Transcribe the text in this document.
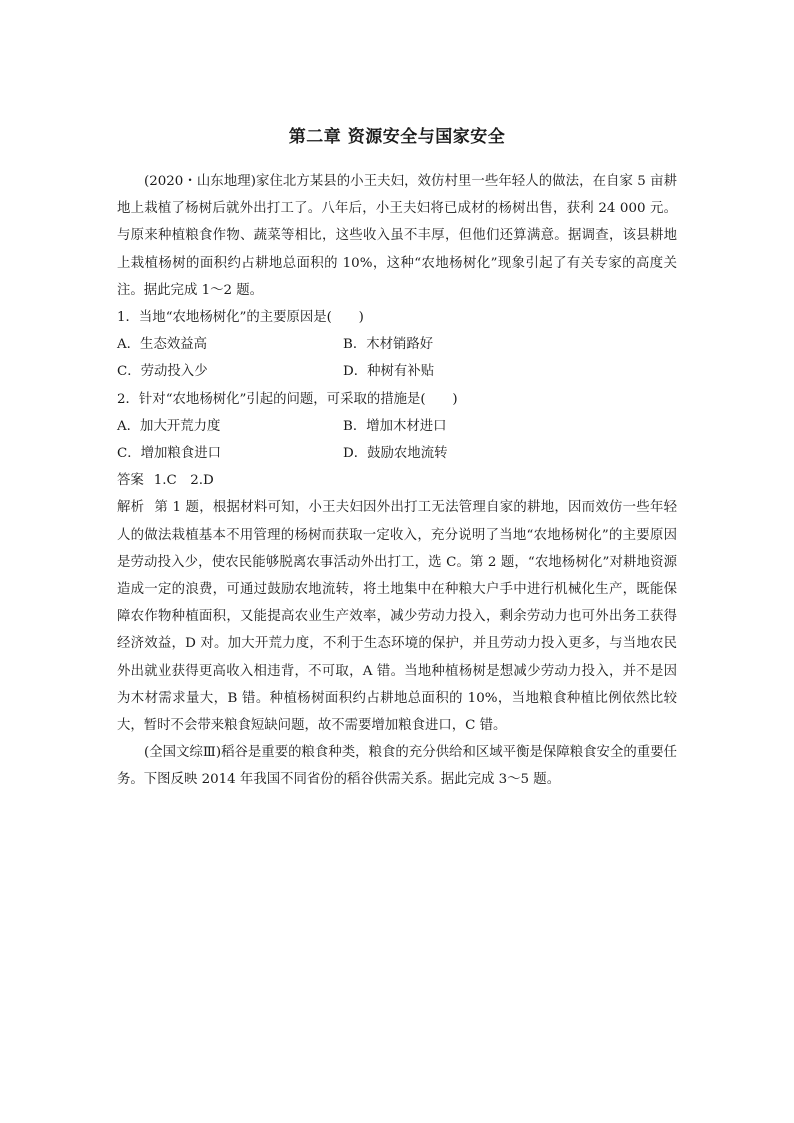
第二章 资源安全与国家安全

(2020・山东地理)家住北方某县的小王夫妇，效仿村里一些年轻人的做法，在自家 5 亩耕地上栽植了杨树后就外出打工了。八年后，小王夫妇将已成材的杨树出售，获利 24 000 元。与原来种植粮食作物、蔬菜等相比，这些收入虽不丰厚，但他们还算满意。据调查，该县耕地上栽植杨树的面积约占耕地总面积的 10%，这种“农地杨树化”现象引起了有关专家的高度关注。据此完成 1～2 题。

1．当地“农地杨树化”的主要原因是(　　)

A．生态效益高	B．木材销路好

C．劳动投入少	D．种树有补贴

2．针对“农地杨树化”引起的问题，可采取的措施是(　　)

A．加大开荒力度	B．增加木材进口

C．增加粮食进口	D．鼓励农地流转

答案 1.C　2.D

解析 第 1 题，根据材料可知，小王夫妇因外出打工无法管理自家的耕地，因而效仿一些年轻人的做法栽植基本不用管理的杨树而获取一定收入，充分说明了当地“农地杨树化”的主要原因是劳动投入少，使农民能够脱离农事活动外出打工，选 C。第 2 题，“农地杨树化”对耕地资源造成一定的浪费，可通过鼓励农地流转，将土地集中在种粮大户手中进行机械化生产，既能保障农作物种植面积，又能提高农业生产效率，减少劳动力投入，剩余劳动力也可外出务工获得经济效益，D 对。加大开荒力度，不利于生态环境的保护，并且劳动力投入更多，与当地农民外出就业获得更高收入相违背，不可取，A 错。当地种植杨树是想减少劳动力投入，并不是因为木材需求量大，B 错。种植杨树面积约占耕地总面积的 10%，当地粮食种植比例依然比较大，暂时不会带来粮食短缺问题，故不需要增加粮食进口，C 错。

(全国文综Ⅲ)稻谷是重要的粮食种类，粮食的充分供给和区域平衡是保障粮食安全的重要任务。下图反映 2014 年我国不同省份的稻谷供需关系。据此完成 3～5 题。
